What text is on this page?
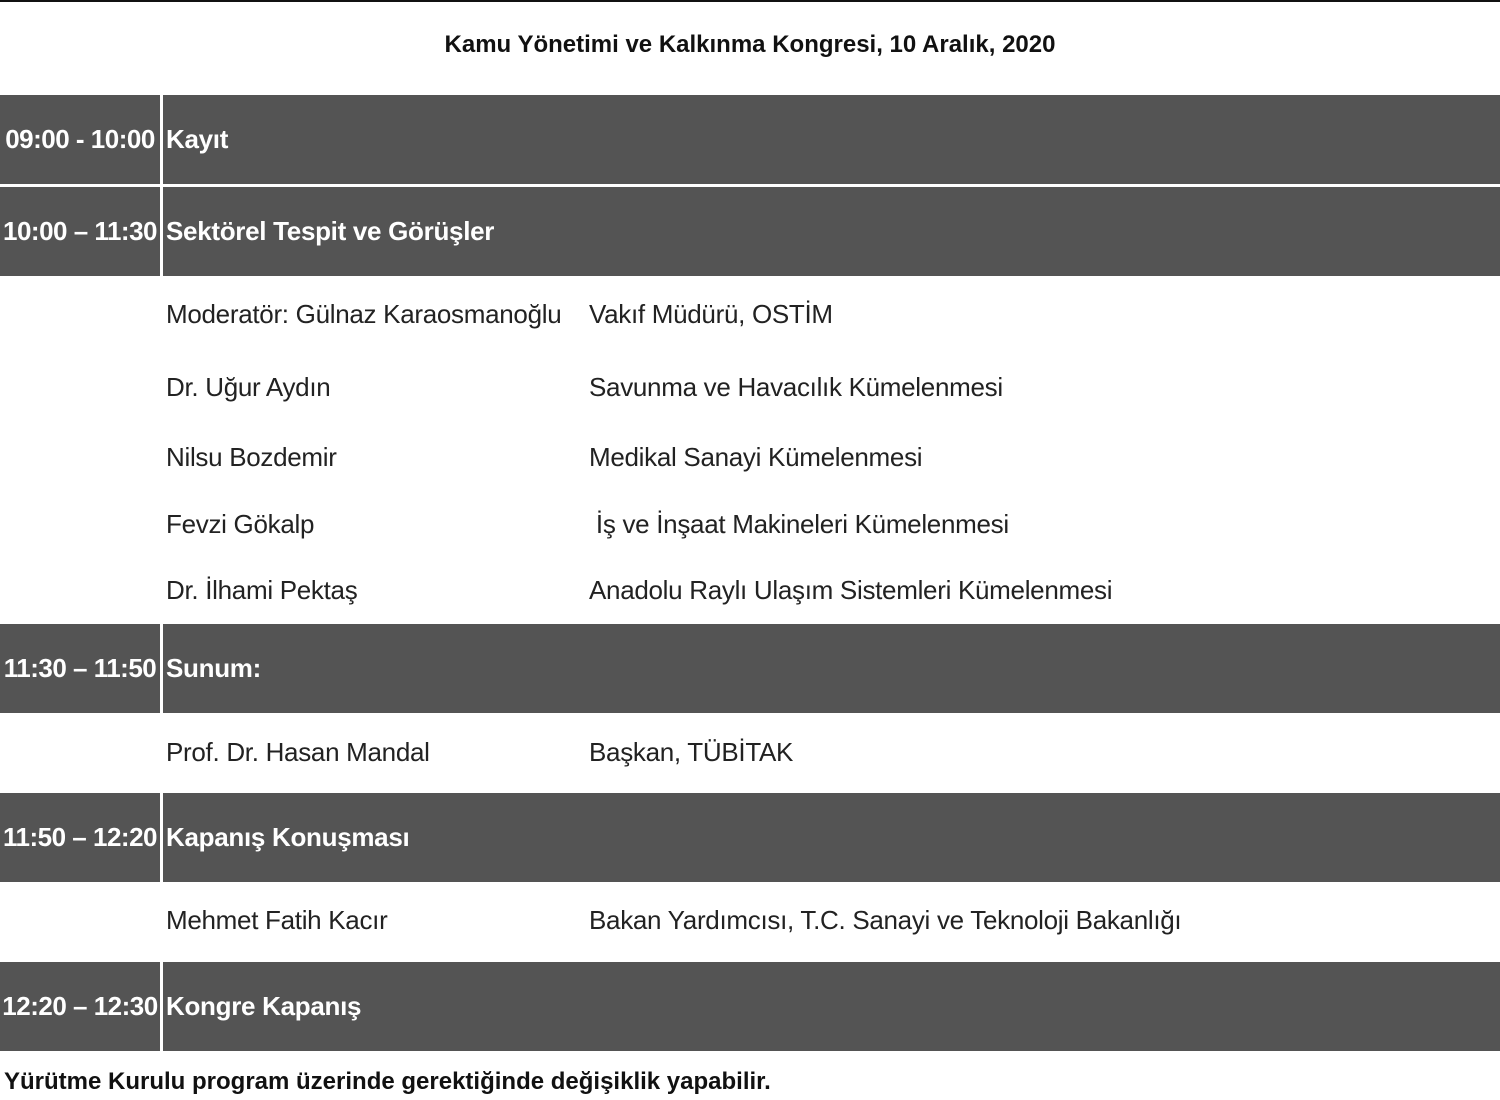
Kamu Yönetimi ve Kalkınma Kongresi, 10 Aralık, 2020
09:00 - 10:00 Kayıt
10:00 – 11:30 Sektörel Tespit ve Görüşler
Moderatör: Gülnaz Karaosmanoğlu Vakıf Müdürü, OSTİM
Dr. Uğur Aydın	Savunma ve Havacılık Kümelenmesi
Nilsu Bozdemir	Medikal Sanayi Kümelenmesi
Fevzi Gökalp	İş ve İnşaat Makineleri Kümelenmesi
Dr. İlhami Pektaş	Anadolu Raylı Ulaşım Sistemleri Kümelenmesi
11:30 – 11:50 Sunum:
Prof. Dr. Hasan Mandal	Başkan, TÜBİTAK
11:50 – 12:20 Kapanış Konuşması
Mehmet Fatih Kacır	Bakan Yardımcısı, T.C. Sanayi ve Teknoloji Bakanlığı
12:20 – 12:30 Kongre Kapanış
Yürütme Kurulu program üzerinde gerektiğinde değişiklik yapabilir.
